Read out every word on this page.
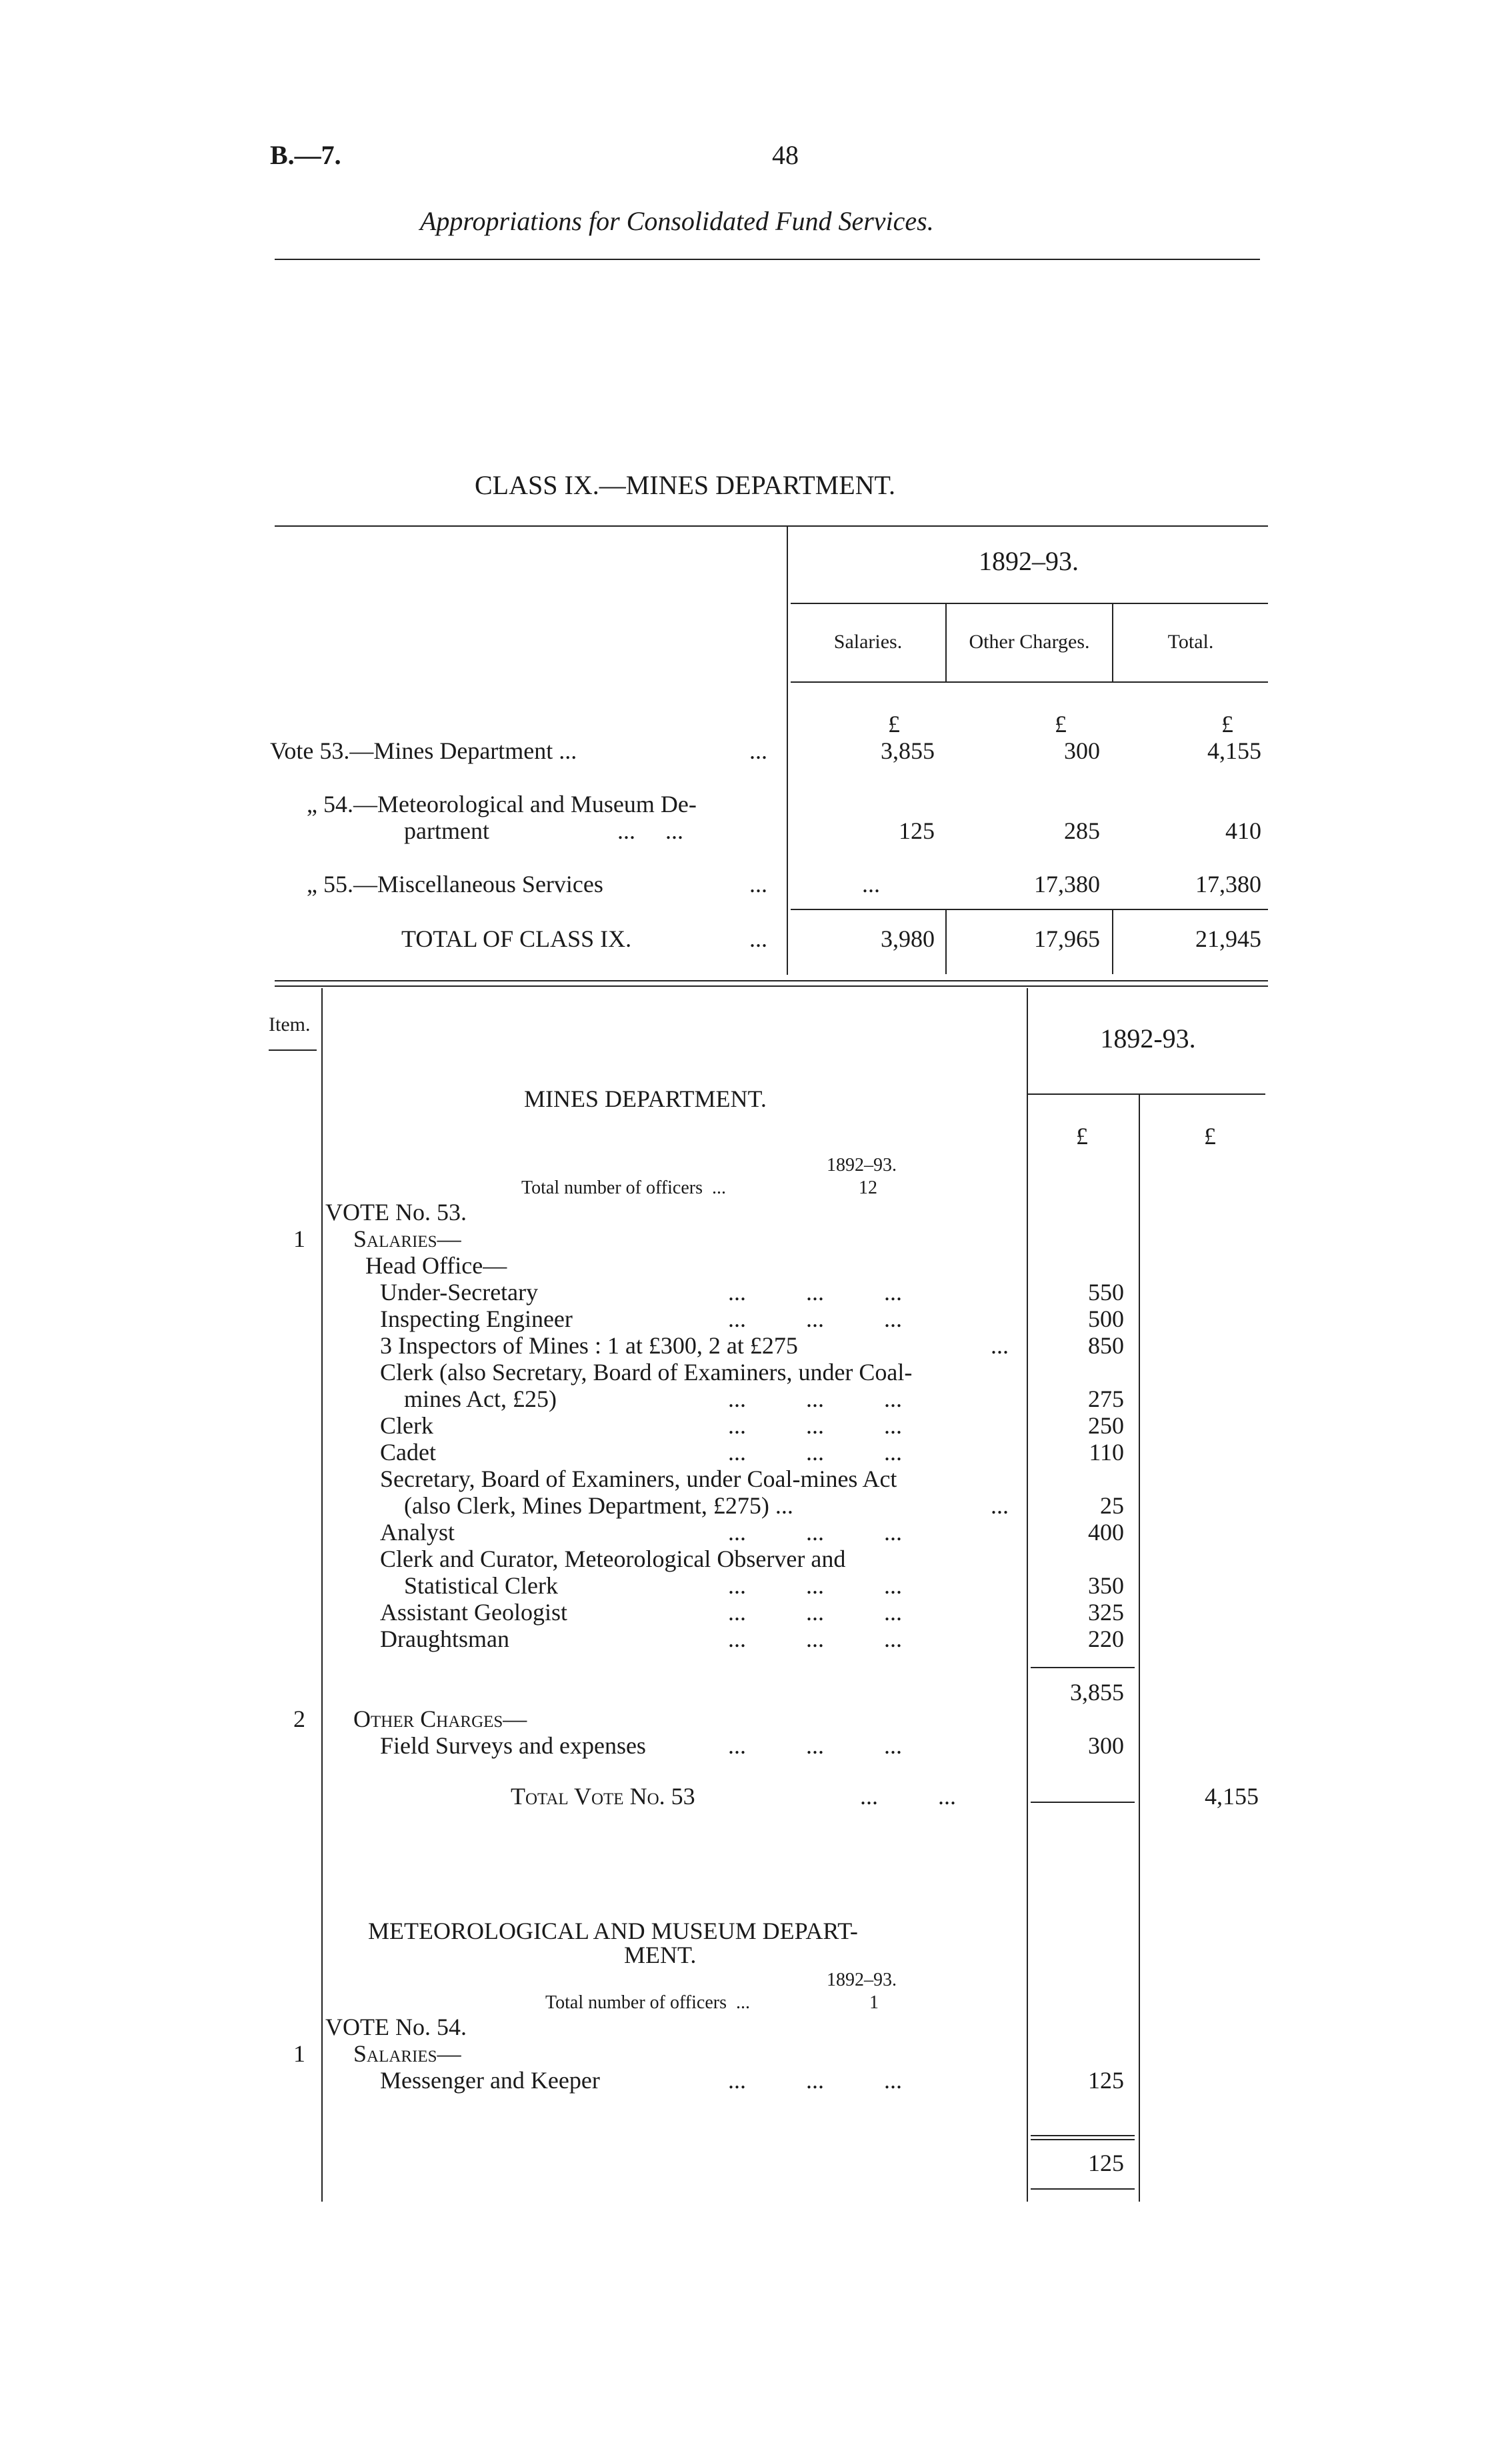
B.—7.	48
Appropriations for Consolidated Fund Services.
CLASS IX.—MINES DEPARTMENT.
1892–93.
Salaries.	Other Charges.	Total.
£	£	£
Vote 53.—Mines Department ...	...	3,855	300	4,155
„ 54.—Meteorological and Museum De-
partment	...     ...	125	285	410
„ 55.—Miscellaneous Services	...	...	17,380	17,380
TOTAL OF CLASS IX.	...	3,980	17,965	21,945
Item.	1892-93.
£	£
MINES DEPARTMENT.
1892–93.
Total number of officers  ...	12
VOTE No. 53.
1 Salaries—
Head Office—
Under-Secretary	...          ...          ...	550
Inspecting Engineer	...          ...          ...	500
3 Inspectors of Mines : 1 at £300, 2 at £275	...	850
Clerk (also Secretary, Board of Examiners, under Coal-
mines Act, £25)	...          ...          ...	275
Clerk	...          ...          ...	250
Cadet	...          ...          ...	110
Secretary, Board of Examiners, under Coal-mines Act
(also Clerk, Mines Department, £275) ...	...	25
Analyst	...          ...          ...	400
Clerk and Curator, Meteorological Observer and
Statistical Clerk	...          ...          ...	350
Assistant Geologist	...          ...          ...	325
Draughtsman	...          ...          ...	220
3,855
2 Other Charges—
Field Surveys and expenses	...          ...          ...	300
Total Vote No. 53	...          ...	4,155
METEOROLOGICAL AND MUSEUM DEPART-
MENT.
1892–93.
Total number of officers  ...	1
VOTE No. 54.
1 Salaries—
Messenger and Keeper	...          ...          ...	125
125
